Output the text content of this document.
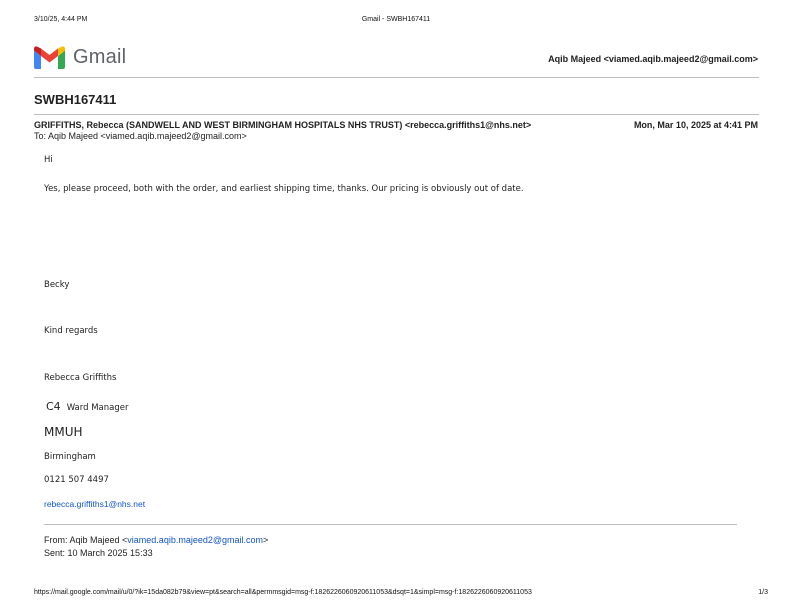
3/10/25, 4:44 PM	Gmail - SWBH167411
Gmail	Aqib Majeed <viamed.aqib.majeed2@gmail.com>
SWBH167411
GRIFFITHS, Rebecca (SANDWELL AND WEST BIRMINGHAM HOSPITALS NHS TRUST) <rebecca.griffiths1@nhs.net>	Mon, Mar 10, 2025 at 4:41 PM
To: Aqib Majeed <viamed.aqib.majeed2@gmail.com>
Hi
Yes, please proceed, both with the order, and earliest shipping time, thanks. Our pricing is obviously out of date.
Becky
Kind regards
Rebecca Griffiths
C4 Ward Manager
MMUH
Birmingham
0121 507 4497
rebecca.griffiths1@nhs.net
From: Aqib Majeed <viamed.aqib.majeed2@gmail.com>
Sent: 10 March 2025 15:33
https://mail.google.com/mail/u/0/?ik=15da082b79&view=pt&search=all&permmsgid=msg-f:1826226060920611053&dsqt=1&simpl=msg-f:1826226060920611053	1/3
